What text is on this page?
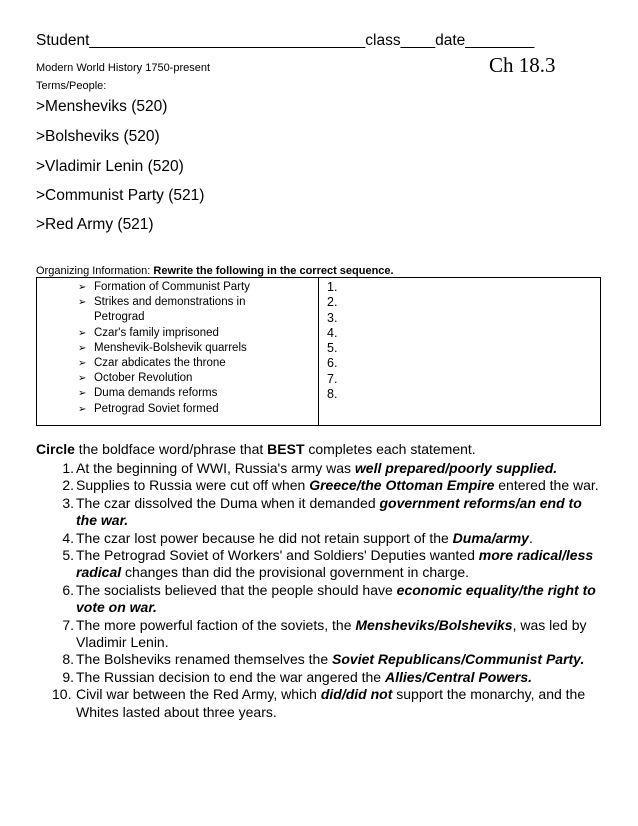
Student________________________________class____date________
Modern World History 1750-present
Terms/People:
Ch 18.3
>Mensheviks (520)
>Bolsheviks (520)
>Vladimir Lenin (520)
>Communist Party (521)
>Red Army (521)
Organizing Information: Rewrite the following in the correct sequence.
➢ Formation of Communist Party
➢ Strikes and demonstrations in Petrograd
➢ Czar's family imprisoned
➢ Menshevik-Bolshevik quarrels
➢ Czar abdicates the throne
➢ October Revolution
➢ Duma demands reforms
➢ Petrograd Soviet formed
1.
2.
3.
4.
5.
6.
7.
8.
Circle the boldface word/phrase that BEST completes each statement.
1. At the beginning of WWI, Russia's army was well prepared/poorly supplied.
2. Supplies to Russia were cut off when Greece/the Ottoman Empire entered the war.
3. The czar dissolved the Duma when it demanded government reforms/an end to the war.
4. The czar lost power because he did not retain support of the Duma/army.
5. The Petrograd Soviet of Workers' and Soldiers' Deputies wanted more radical/less radical changes than did the provisional government in charge.
6. The socialists believed that the people should have economic equality/the right to vote on war.
7. The more powerful faction of the soviets, the Mensheviks/Bolsheviks, was led by Vladimir Lenin.
8. The Bolsheviks renamed themselves the Soviet Republicans/Communist Party.
9. The Russian decision to end the war angered the Allies/Central Powers.
10. Civil war between the Red Army, which did/did not support the monarchy, and the Whites lasted about three years.
